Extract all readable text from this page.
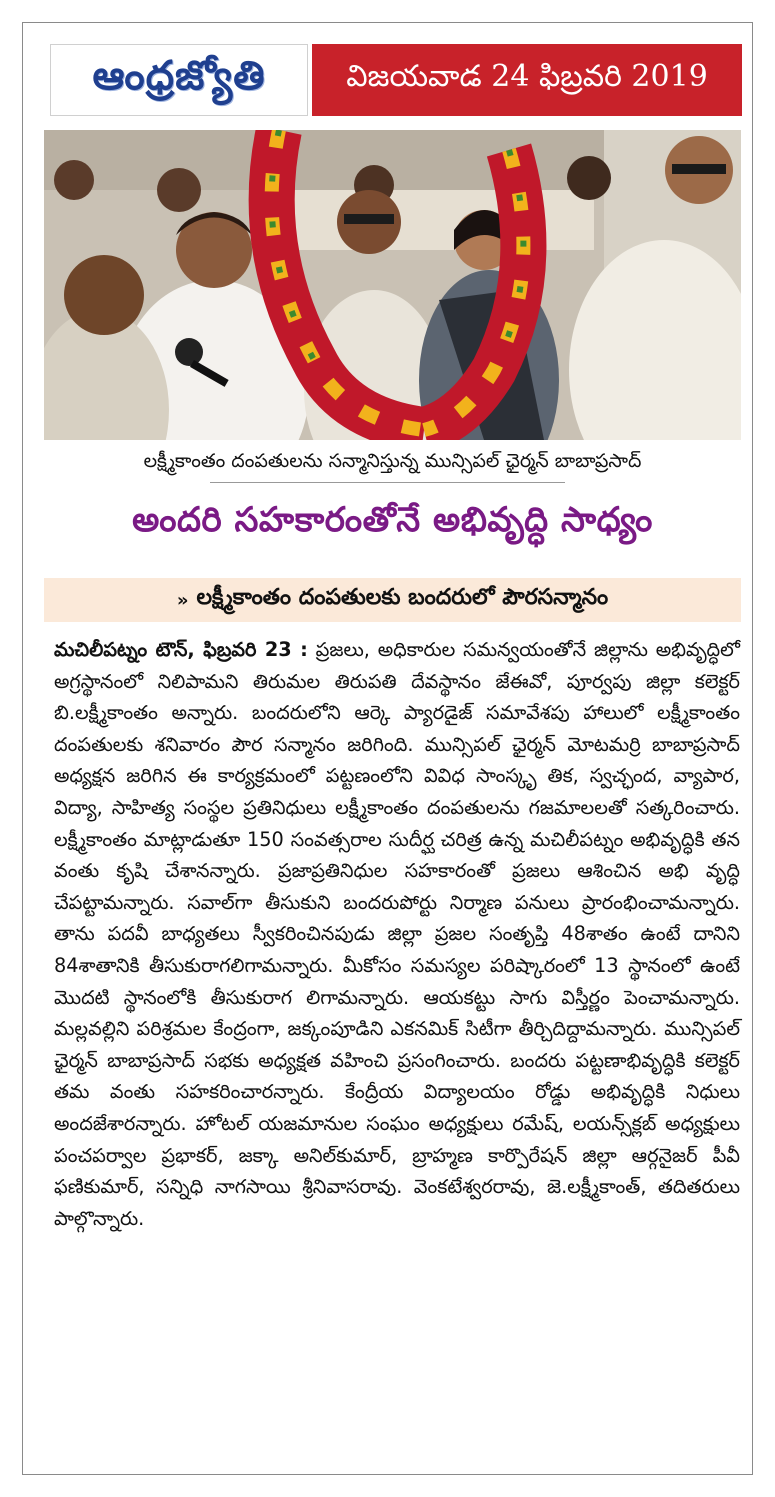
ఆంధ్రజ్యోతి	విజయవాడ 24 ఫిబ్రవరి 2019
లక్ష్మీకాంతం దంపతులను సన్మానిస్తున్న మున్సిపల్ ఛైర్మన్ బాబాప్రసాద్
అందరి సహకారంతోనే అభివృద్ధి సాధ్యం
» లక్ష్మీకాంతం దంపతులకు బందరులో పౌరసన్మానం

మచిలీపట్నం టౌన్, ఫిబ్రవరి 23 : ప్రజలు, అధికారుల సమన్వయంతోనే జిల్లాను అభివృద్ధిలో అగ్రస్థానంలో నిలిపామని తిరుమల తిరుపతి దేవస్థానం జేఈవో, పూర్వపు జిల్లా కలెక్టర్ బి.లక్ష్మీకాంతం అన్నారు. బందరులోని ఆర్కె ప్యారడైజ్ సమావేశపు హాలులో లక్ష్మీకాంతం దంపతులకు శనివారం పౌర సన్మానం జరిగింది. మున్సిపల్ ఛైర్మన్ మోటమర్రి బాబాప్రసాద్ అధ్యక్షన జరిగిన ఈ కార్యక్రమంలో పట్టణంలోని వివిధ సాంస్కృ తిక, స్వచ్ఛంద, వ్యాపార, విద్యా, సాహిత్య సంస్థల ప్రతినిధులు లక్ష్మీకాంతం దంపతులను గజమాలలతో సత్కరించారు. లక్ష్మీకాంతం మాట్లాడుతూ 150 సంవత్సరాల సుదీర్ఘ చరిత్ర ఉన్న మచిలీపట్నం అభివృద్ధికి తన వంతు కృషి చేశానన్నారు. ప్రజాప్రతినిధుల సహకారంతో ప్రజలు ఆశించిన అభి వృద్ధి చేపట్టామన్నారు. సవాల్‌గా తీసుకుని బందరుపోర్టు నిర్మాణ పనులు ప్రారంభించామన్నారు. తాను పదవీ బాధ్యతలు స్వీకరించినపుడు జిల్లా ప్రజల సంతృప్తి 48శాతం ఉంటే దానిని 84శాతానికి తీసుకురాగలిగామన్నారు. మీకోసం సమస్యల పరిష్కారంలో 13 స్థానంలో ఉంటే మొదటి స్థానంలోకి తీసుకురాగ లిగామన్నారు. ఆయకట్టు సాగు విస్తీర్ణం పెంచామన్నారు. మల్లవల్లిని పరిశ్రమల కేంద్రంగా, జక్కంపూడిని ఎకనమిక్ సిటీగా తీర్చిదిద్దామన్నారు. మున్సిపల్ ఛైర్మన్ బాబాప్రసాద్ సభకు అధ్యక్షత వహించి ప్రసంగించారు. బందరు పట్టణాభివృద్ధికి కలెక్టర్ తమ వంతు సహకరించారన్నారు. కేంద్రీయ విద్యాలయం రోడ్డు అభివృద్ధికి నిధులు అందజేశారన్నారు. హోటల్ యజమానుల సంఘం అధ్యక్షులు రమేష్, లయన్స్‌క్లబ్ అధ్యక్షులు పంచపర్వాల ప్రభాకర్, జక్కా అనిల్‌కుమార్, బ్రాహ్మణ కార్పొరేషన్ జిల్లా ఆర్గనైజర్ పీవీ ఫణికుమార్, సన్నిధి నాగసాయి శ్రీనివాసరావు. వెంకటేశ్వరరావు, జె.లక్ష్మీకాంత్, తదితరులు పాల్గొన్నారు.
